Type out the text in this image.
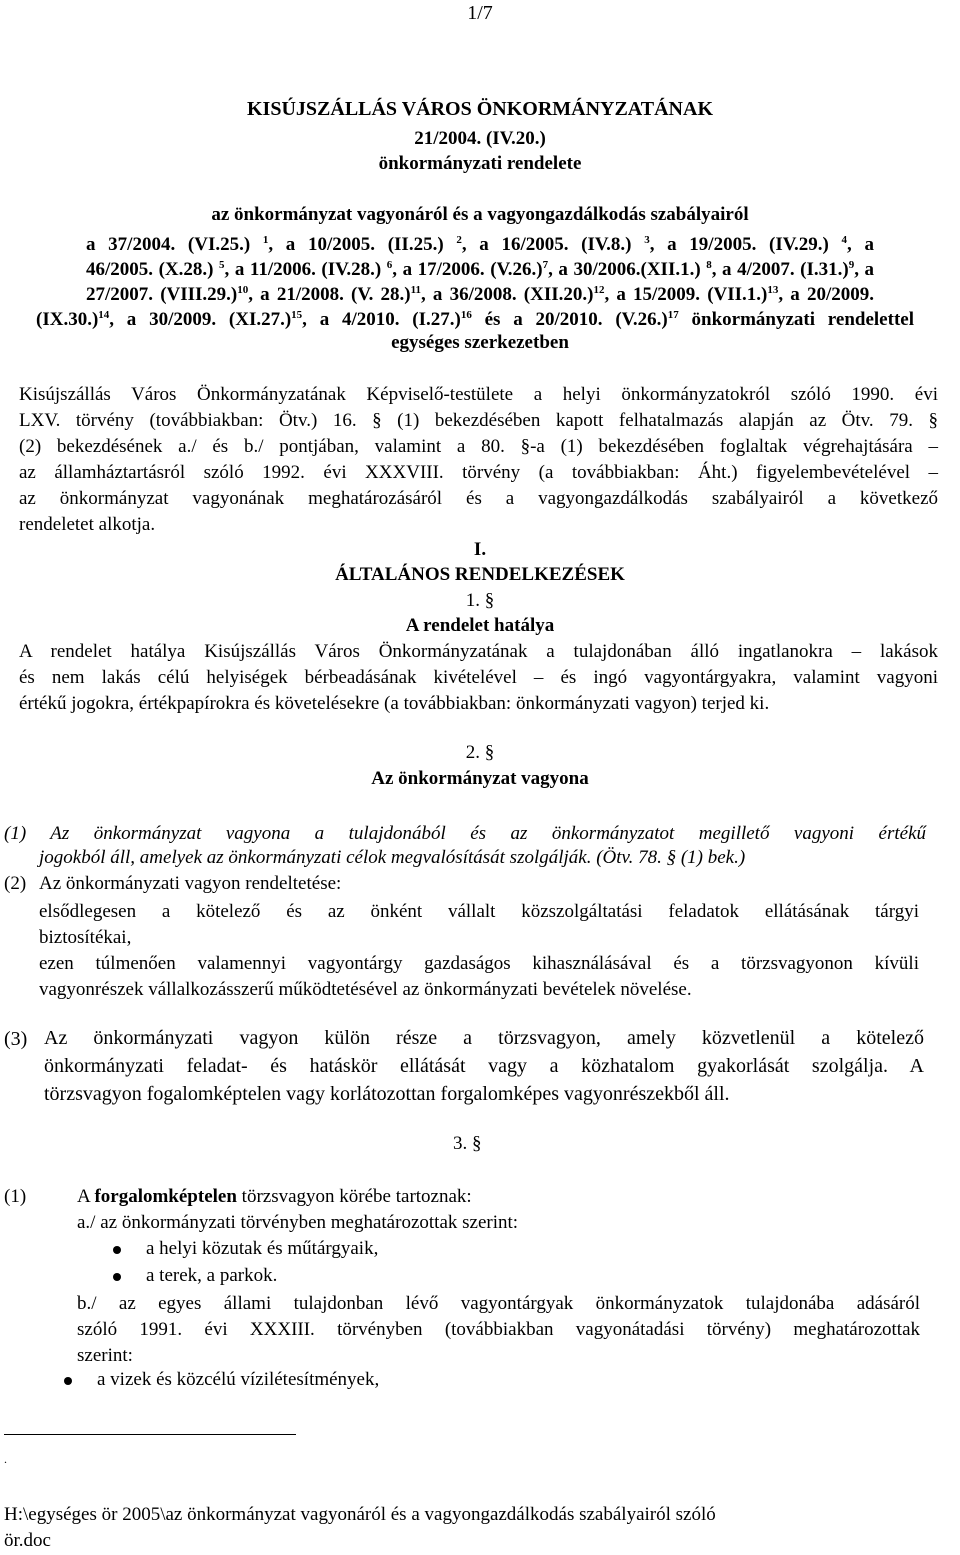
1/7
KISÚJSZÁLLÁS VÁROS ÖNKORMÁNYZATÁNAK
21/2004. (IV.20.)
önkormányzati rendelete
az önkormányzat vagyonáról és a vagyongazdálkodás szabályairól
a 37/2004. (VI.25.) $^1$, a 10/2005. (II.25.) $^2$, a 16/2005. (IV.8.) $^3$, a 19/2005. (IV.29.) $^4$, a
46/2005. (X.28.) $^5$, a 11/2006. (IV.28.) $^6$, a 17/2006. $(V.26.)^7$, a 30/2006.(XII.1.) $^8$, a 4/2007. $(I.31.)^9$, a
27/2007. (VIII.29.)$^{10}$, a 21/2008. (V. 28.)$^{11}$, a 36/2008. $(XII.20.)^{12}$, a 15/2009. $(VII.1.)^{13}$, a 20/2009.
$(IX.30.)^{14}$, a 30/2009. $(XI.27.)^{15}$, a 4/2010. $(I.27.)^{16}$ és a 20/2010. $(V.26.)^{17}$ önkormányzati rendelettel
egységes szerkezetben
Kisújszállás Város Önkormányzatának Képviselő-testülete a helyi önkormányzatokról szóló 1990. évi
LXV. törvény (továbbiakban: Ötv.) 16. § (1) bekezdésében kapott felhatalmazás alapján az Ötv. 79. §
(2) bekezdésének a./ és b./ pontjában, valamint a 80. §-a (1) bekezdésében foglaltak végrehajtására –
az államháztartásról szóló 1992. évi XXXVIII. törvény (a továbbiakban: Áht.) figyelembevételével –
az önkormányzat vagyonának meghatározásáról és a vagyongazdálkodás szabályairól a következő
rendeletet alkotja.
I.
ÁLTALÁNOS RENDELKEZÉSEK
1. §
A rendelet hatálya
A rendelet hatálya Kisújszállás Város Önkormányzatának a tulajdonában álló ingatlanokra – lakások
és nem lakás célú helyiségek bérbeadásának kivételével – és ingó vagyontárgyakra, valamint vagyoni
értékű jogokra, értékpapírokra és követelésekre (a továbbiakban: önkormányzati vagyon) terjed ki.
2. §
Az önkormányzat vagyona
(1) Az önkormányzat vagyona a tulajdonából és az önkormányzatot megillető vagyoni értékű
jogokból áll, amelyek az önkormányzati célok megvalósítását szolgálják. (Ötv. 78. § (1) bek.)
(2) Az önkormányzati vagyon rendeltetése:
elsődlegesen a kötelező és az önként vállalt közszolgáltatási feladatok ellátásának tárgyi
biztosítékai,
ezen túlmenően valamennyi vagyontárgy gazdaságos kihasználásával és a törzsvagyonon kívüli
vagyonrészek vállalkozásszerű működtetésével az önkormányzati bevételek növelése.
(3) Az önkormányzati vagyon külön része a törzsvagyon, amely közvetlenül a kötelező
önkormányzati feladat- és hatáskör ellátását vagy a közhatalom gyakorlását szolgálja. A
törzsvagyon fogalomképtelen vagy korlátozottan forgalomképes vagyonrészekből áll.
3. §
(1)	A forgalomképtelen törzsvagyon körébe tartoznak:
a./ az önkormányzati törvényben meghatározottak szerint:
a helyi közutak és műtárgyaik,
a terek, a parkok.
b./ az egyes állami tulajdonban lévő vagyontárgyak önkormányzatok tulajdonába adásáról
szóló 1991. évi XXXIII. törvényben (továbbiakban vagyonátadási törvény) meghatározottak
szerint:
a vizek és közcélú vízilétesítmények,
.
H:\egységes ör 2005\az önkormányzat vagyonáról és a vagyongazdálkodás szabályairól szóló
ör.doc
